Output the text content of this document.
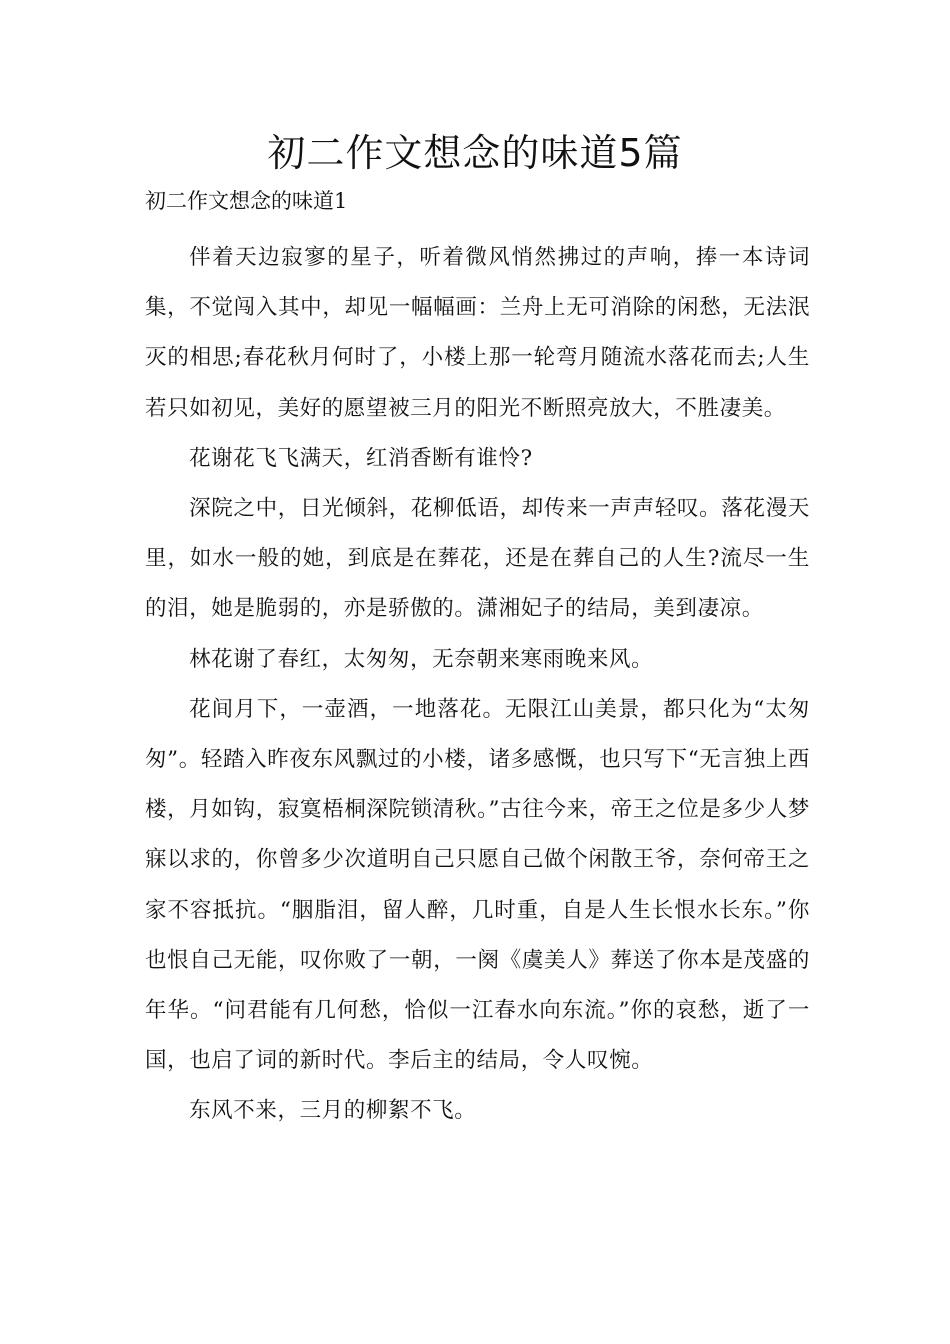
初二作文想念的味道5篇
初二作文想念的味道1

伴着天边寂寥的星子，听着微风悄然拂过的声响，捧一本诗词集，不觉闯入其中，却见一幅幅画：兰舟上无可消除的闲愁，无法泯灭的相思;春花秋月何时了，小楼上那一轮弯月随流水落花而去;人生若只如初见，美好的愿望被三月的阳光不断照亮放大，不胜凄美。

花谢花飞飞满天，红消香断有谁怜?

深院之中，日光倾斜，花柳低语，却传来一声声轻叹。落花漫天里，如水一般的她，到底是在葬花，还是在葬自己的人生?流尽一生的泪，她是脆弱的，亦是骄傲的。潇湘妃子的结局，美到凄凉。

林花谢了春红，太匆匆，无奈朝来寒雨晚来风。

花间月下，一壶酒，一地落花。无限江山美景，都只化为“太匆匆”。轻踏入昨夜东风飘过的小楼，诸多感慨，也只写下“无言独上西楼，月如钩，寂寞梧桐深院锁清秋。”古往今来，帝王之位是多少人梦寐以求的，你曾多少次道明自己只愿自己做个闲散王爷，奈何帝王之家不容抵抗。“胭脂泪，留人醉，几时重，自是人生长恨水长东。”你也恨自己无能，叹你败了一朝，一阕《虞美人》葬送了你本是茂盛的年华。“问君能有几何愁，恰似一江春水向东流。”你的哀愁，逝了一国，也启了词的新时代。李后主的结局，令人叹惋。

东风不来，三月的柳絮不飞。
